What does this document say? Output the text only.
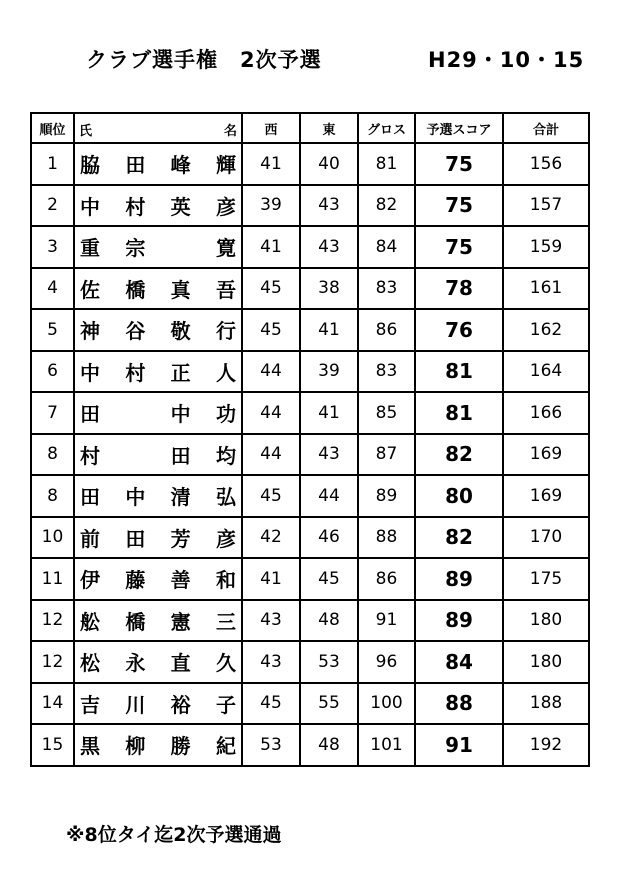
クラブ選手権　2次予選	H29・10・15
順位	氏 名	西	東	グロス	予選スコア	合計
1	脇 田 峰 輝	41	40	81	75	156
2	中 村 英 彦	39	43	82	75	157
3	重 宗 寛	41	43	84	75	159
4	佐 橋 真 吾	45	38	83	78	161
5	神 谷 敬 行	45	41	86	76	162
6	中 村 正 人	44	39	83	81	164
7	田 中 功	44	41	85	81	166
8	村 田 均	44	43	87	82	169
8	田 中 清 弘	45	44	89	80	169
10	前 田 芳 彦	42	46	88	82	170
11	伊 藤 善 和	41	45	86	89	175
12	舩 橋 憲 三	43	48	91	89	180
12	松 永 直 久	43	53	96	84	180
14	吉 川 裕 子	45	55	100	88	188
15	黒 柳 勝 紀	53	48	101	91	192
※8位タイ迄2次予選通過
